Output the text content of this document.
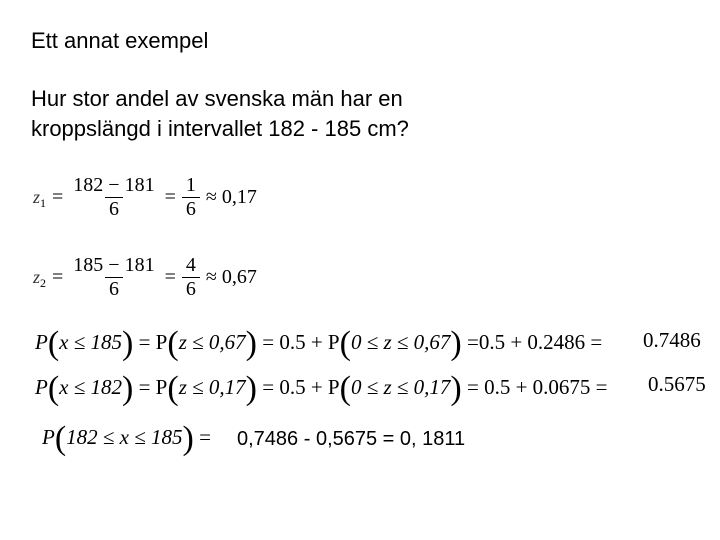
Ett annat exempel
Hur stor andel av svenska män har en
kroppslängd i intervallet 182 - 185 cm?
z $1 = \frac{182 - 181}{6} = \frac{1}{6} \approx 0,17$
z $2 = \frac{185 - 181}{6} = \frac{4}{6} \approx 0,67$
P(x ≤ 185) = P(z ≤ 0,67) = 0.5 + P(0 ≤ z ≤ 0,67) =0.5 + 0.2486 = 0.7486
P(x ≤ 182) = P(z ≤ 0,17) = 0.5 + P(0 ≤ z ≤ 0,17) = 0.5 + 0.0675 = 0.5675
P(182 ≤ x ≤ 185) = 0,7486 - 0,5675 = 0, 1811
